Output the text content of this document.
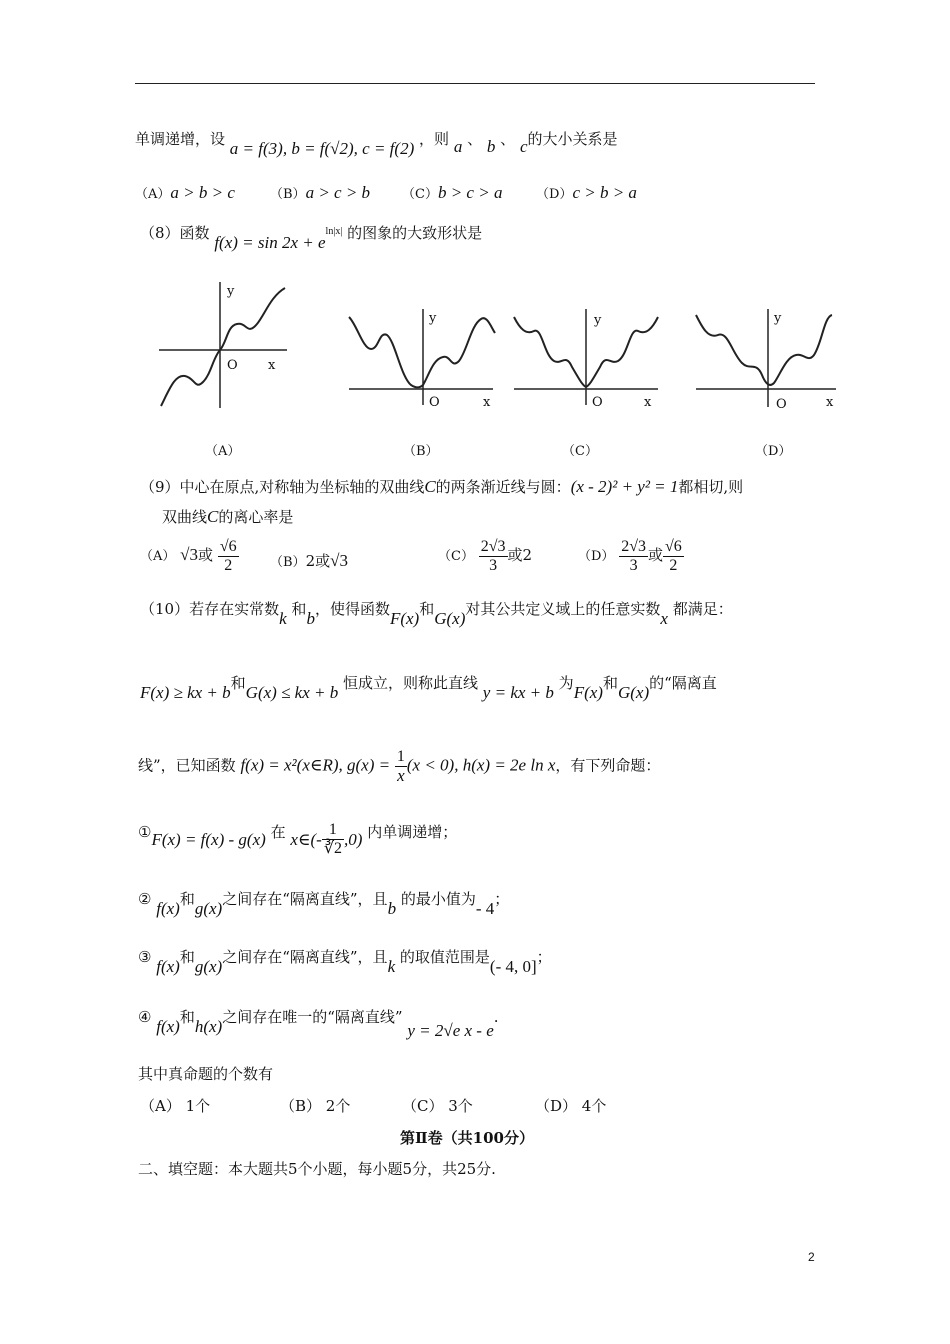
单调递增，设 a = f(3), b = f(√2), c = f(2) ，则 a 、 b 、 c的大小关系是
（A）a > b > c	（B）a > c > b （C）b > c > a	（D）c > b > a
（8）函数 $f(x) = \sin 2x + e^{ln|x|}$ 的图象的大致形状是
y
O x
（A）
y
O	x
（B）
y
O	x
（C）
y
O	x
（D）
（9）中心在原点,对称轴为坐标轴的双曲线C的两条渐近线与圆：(x - 2)² + y² = 1都相切,则
双曲线C的离心率是
（A） √3或 $\frac{√6}{2} (B)2$或√3	$(C) \frac{2√3}{3}$ 或2	$(D) \frac{2√3}{3}$ 或 $\frac{√6}{2}$
（10）若存在实常数k 和b，使得函数F(x)和G(x)对其公共定义域上的任意实数x 都满足：
F(x) ≥ kx + b和G(x) ≤ kx + b 恒成立，则称此直线 y = kx + b 为F(x)和G(x)的“隔离直
线”，已知函数 f(x) = x²(x∈R), $g(x) = \frac{1}{x} (x < 0)$, h(x) = 2e ln x，有下列命题：
①F(x) = f(x) - g(x) 在 x∈(- $\frac{1}{∛2} ,0$) 内单调递增；
② f(x)和g(x)之间存在“隔离直线”，且b 的最小值为- 4；
③ f(x)和g(x)之间存在“隔离直线”，且k 的取值范围是(- 4, 0]；
④ f(x)和h(x)之间存在唯一的“隔离直线” y = 2√e x - e.
其中真命题的个数有
（A） 1个	（B） 2个	（C） 3个	（D） 4个
第Ⅱ卷（共100分）
二、填空题：本大题共5个小题，每小题5分，共25分.
2
